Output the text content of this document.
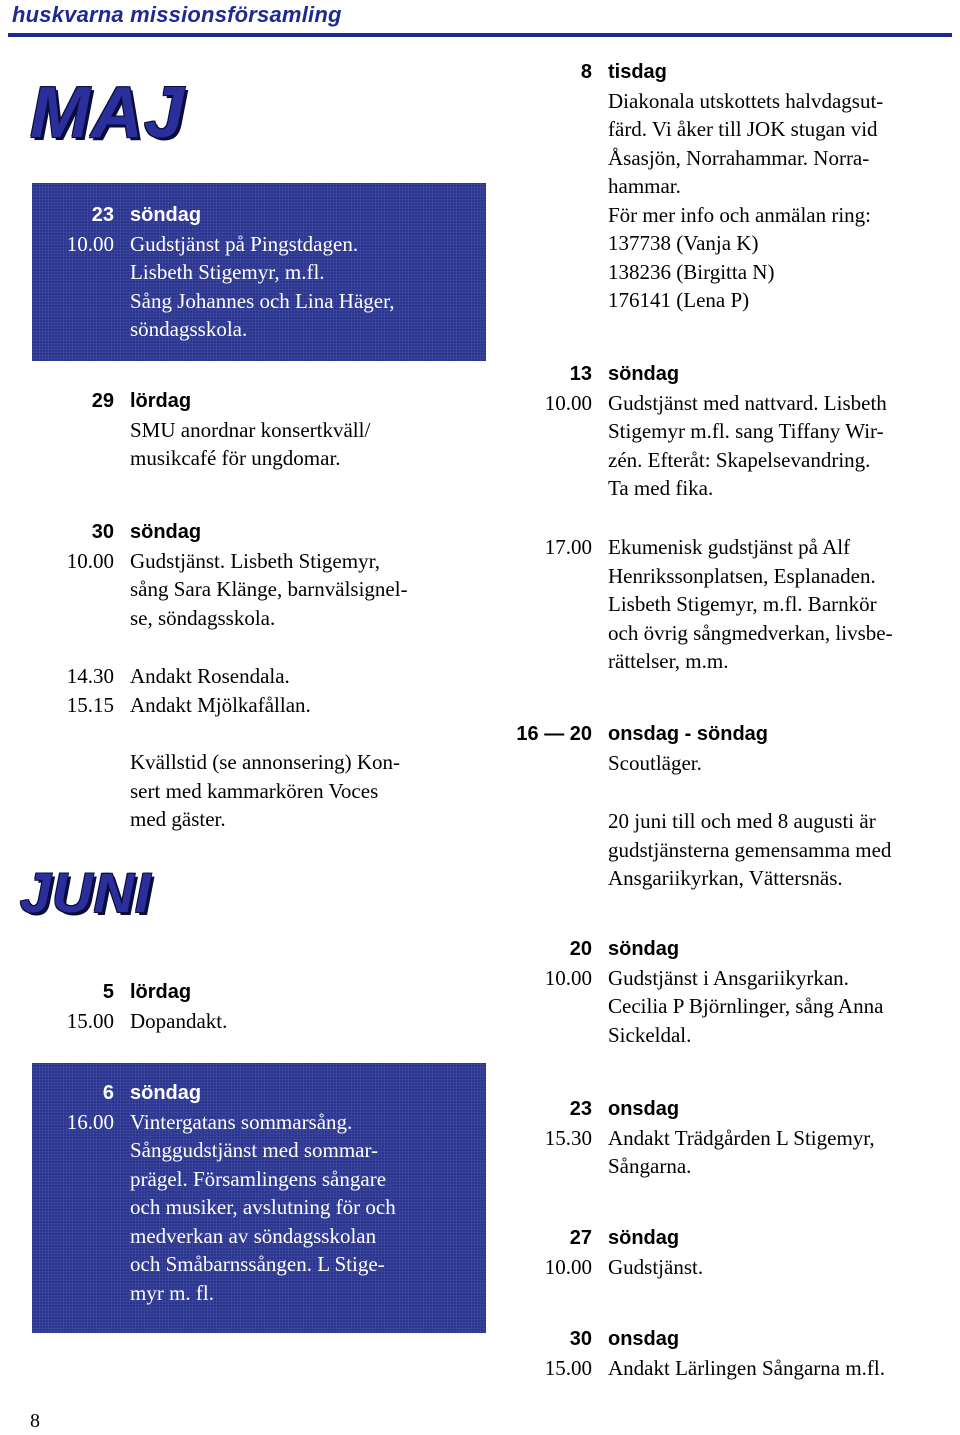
huskvarna missionsförsamling
MAJ
JUNI
23 söndag
10.00 Gudstjänst på Pingstdagen.
Lisbeth Stigemyr, m.fl.
Sång Johannes och Lina Häger,
söndagsskola.
29 lördag
SMU anordnar konsertkväll/
musikcafé för ungdomar.
30 söndag
10.00 Gudstjänst. Lisbeth Stigemyr,
sång Sara Klänge, barnvälsignel-
se, söndagsskola.
14.30 Andakt Rosendala.
15.15 Andakt Mjölkafållan.
Kvällstid (se annonsering) Kon-
sert med kammarkören Voces
med gäster.
5 lördag
15.00 Dopandakt.
6 söndag
16.00 Vintergatans sommarsång.
Sånggudstjänst med sommar-
prägel. Församlingens sångare
och musiker, avslutning för och
medverkan av söndagsskolan
och Småbarnssången. L Stige-
myr m. fl.
8 tisdag
Diakonala utskottets halvdagsut-
färd. Vi åker till JOK stugan vid
Åsasjön, Norrahammar. Norra-
hammar.
För mer info och anmälan ring:
137738 (Vanja K)
138236 (Birgitta N)
176141 (Lena P)
13 söndag
10.00 Gudstjänst med nattvard. Lisbeth
Stigemyr m.fl. sang Tiffany Wir-
zén. Efteråt: Skapelsevandring.
Ta med fika.
17.00 Ekumenisk gudstjänst på Alf
Henrikssonplatsen, Esplanaden.
Lisbeth Stigemyr, m.fl. Barnkör
och övrig sångmedverkan, livsbe-
rättelser, m.m.
16 — 20 onsdag - söndag
Scoutläger.
20 juni till och med 8 augusti är
gudstjänsterna gemensamma med
Ansgariikyrkan, Vättersnäs.
20 söndag
10.00 Gudstjänst i Ansgariikyrkan.
Cecilia P Björnlinger, sång Anna
Sickeldal.
23 onsdag
15.30 Andakt Trädgården L Stigemyr,
Sångarna.
27 söndag
10.00 Gudstjänst.
30 onsdag
15.00 Andakt Lärlingen Sångarna m.fl.
8
